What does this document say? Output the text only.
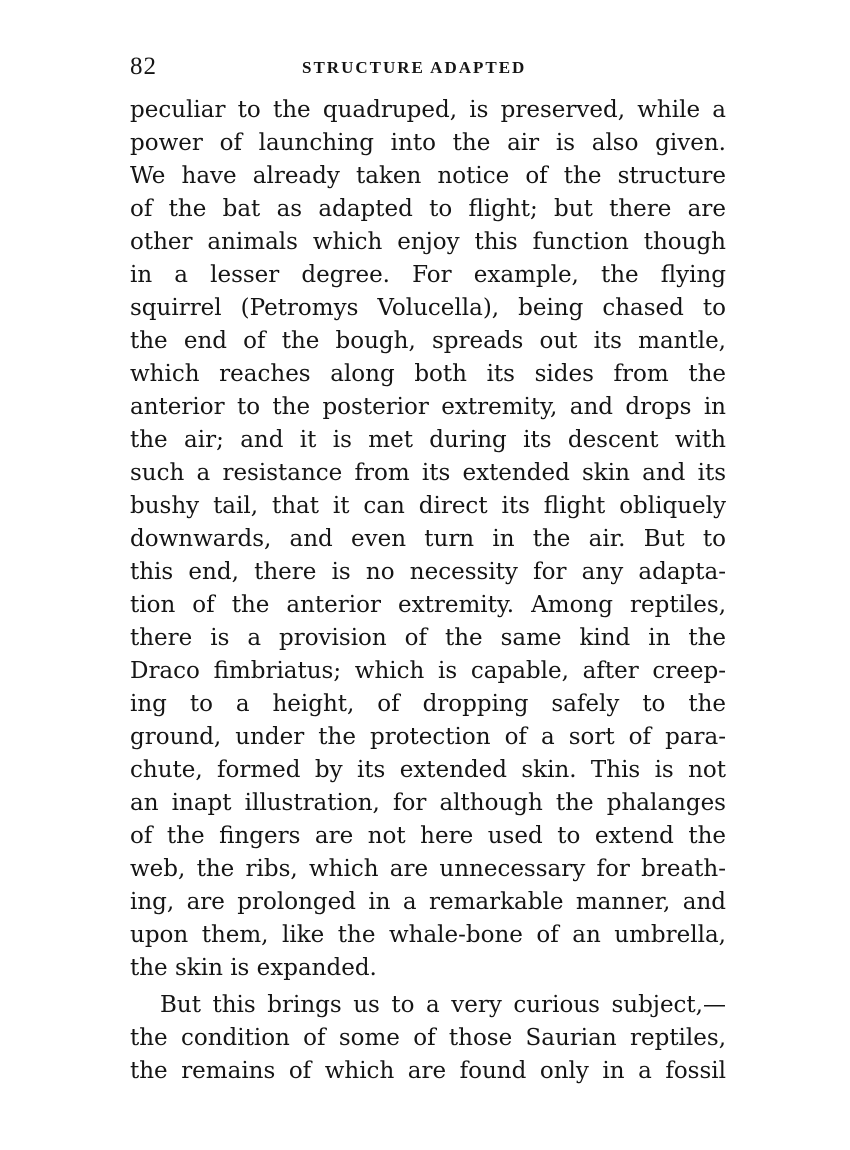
82	STRUCTURE ADAPTED
peculiar to the quadruped, is preserved, while a
power of launching into the air is also given.
We have already taken notice of the structure
of the bat as adapted to flight; but there are
other animals which enjoy this function though
in a lesser degree. For example, the flying
squirrel (Petromys Volucella), being chased to
the end of the bough, spreads out its mantle,
which reaches along both its sides from the
anterior to the posterior extremity, and drops in
the air; and it is met during its descent with
such a resistance from its extended skin and its
bushy tail, that it can direct its flight obliquely
downwards, and even turn in the air. But to
this end, there is no necessity for any adapta-
tion of the anterior extremity. Among reptiles,
there is a provision of the same kind in the
Draco fimbriatus; which is capable, after creep-
ing to a height, of dropping safely to the
ground, under the protection of a sort of para-
chute, formed by its extended skin. This is not
an inapt illustration, for although the phalanges
of the fingers are not here used to extend the
web, the ribs, which are unnecessary for breath-
ing, are prolonged in a remarkable manner, and
upon them, like the whale-bone of an umbrella,
the skin is expanded.
But this brings us to a very curious subject,—
the condition of some of those Saurian reptiles,
the remains of which are found only in a fossil
